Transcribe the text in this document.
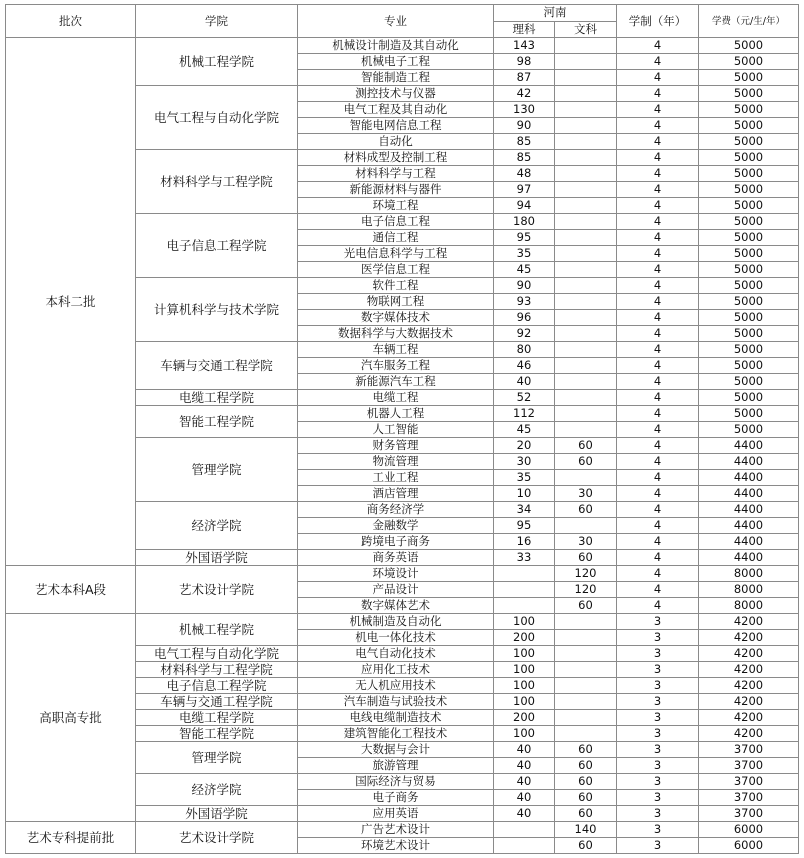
批次	学院	专业	河南		学制（年）	学费（元/生/年）
			理科	文科		
本科二批	机械工程学院	机械设计制造及其自动化	143		4	5000
		机械电子工程	98		4	5000
		智能制造工程	87		4	5000
	电气工程与自动化学院	测控技术与仪器	42		4	5000
		电气工程及其自动化	130		4	5000
		智能电网信息工程	90		4	5000
		自动化	85		4	5000
	材料科学与工程学院	材料成型及控制工程	85		4	5000
		材料科学与工程	48		4	5000
		新能源材料与器件	97		4	5000
		环境工程	94		4	5000
	电子信息工程学院	电子信息工程	180		4	5000
		通信工程	95		4	5000
		光电信息科学与工程	35		4	5000
		医学信息工程	45		4	5000
	计算机科学与技术学院	软件工程	90		4	5000
		物联网工程	93		4	5000
		数字媒体技术	96		4	5000
		数据科学与大数据技术	92		4	5000
	车辆与交通工程学院	车辆工程	80		4	5000
		汽车服务工程	46		4	5000
		新能源汽车工程	40		4	5000
	电缆工程学院	电缆工程	52		4	5000
	智能工程学院	机器人工程	112		4	5000
		人工智能	45		4	5000
	管理学院	财务管理	20	60	4	4400
		物流管理	30	60	4	4400
		工业工程	35		4	4400
		酒店管理	10	30	4	4400
	经济学院	商务经济学	34	60	4	4400
		金融数学	95		4	4400
		跨境电子商务	16	30	4	4400
	外国语学院	商务英语	33	60	4	4400
艺术本科A段	艺术设计学院	环境设计		120	4	8000
		产品设计		120	4	8000
		数字媒体艺术		60	4	8000
高职高专批	机械工程学院	机械制造及自动化	100		3	4200
		机电一体化技术	200		3	4200
	电气工程与自动化学院	电气自动化技术	100		3	4200
	材料科学与工程学院	应用化工技术	100		3	4200
	电子信息工程学院	无人机应用技术	100		3	4200
	车辆与交通工程学院	汽车制造与试验技术	100		3	4200
	电缆工程学院	电线电缆制造技术	200		3	4200
	智能工程学院	建筑智能化工程技术	100		3	4200
	管理学院	大数据与会计	40	60	3	3700
		旅游管理	40	60	3	3700
	经济学院	国际经济与贸易	40	60	3	3700
		电子商务	40	60	3	3700
	外国语学院	应用英语	40	60	3	3700
艺术专科提前批	艺术设计学院	广告艺术设计		140	3	6000
		环境艺术设计		60	3	6000
